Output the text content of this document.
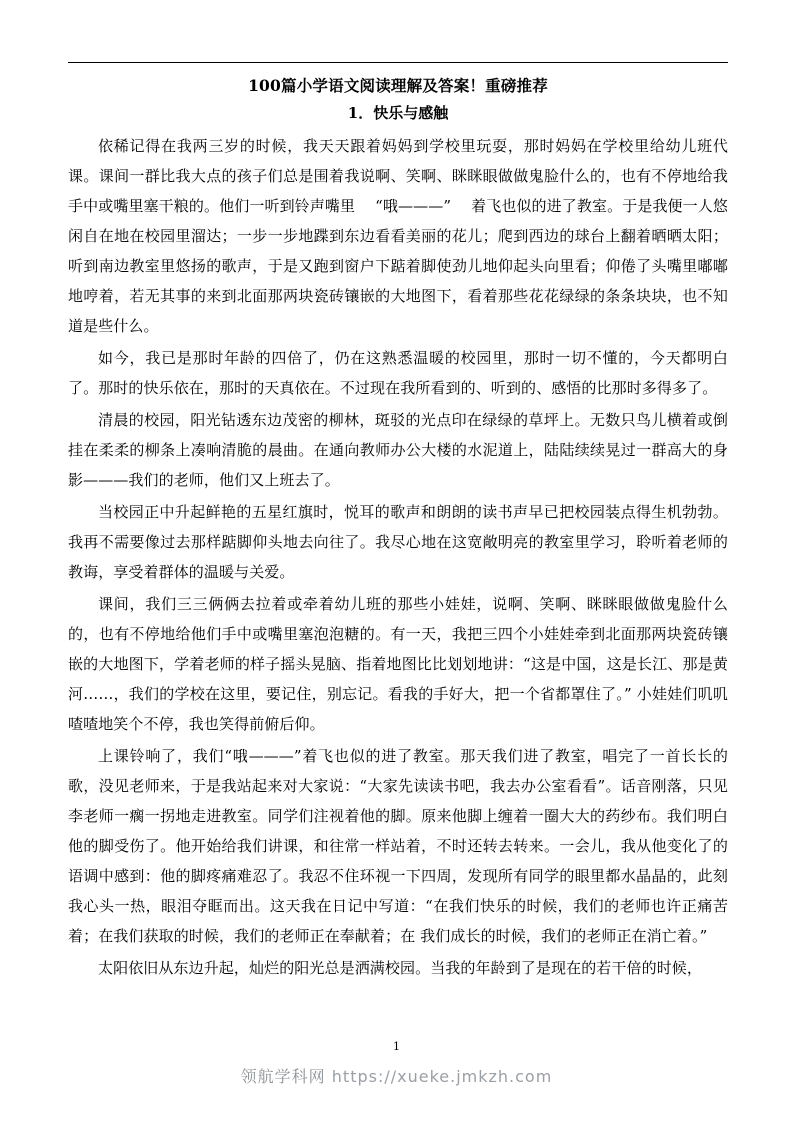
100篇小学语文阅读理解及答案！重磅推荐
1．快乐与感触

依稀记得在我两三岁的时候，我天天跟着妈妈到学校里玩耍，那时妈妈在学校里给幼儿班代课。课间一群比我大点的孩子们总是围着我说啊、笑啊、眯眯眼做做鬼脸什么的，也有不停地给我手中或嘴里塞干粮的。他们一听到铃声嘴里　 “哦———”　 着飞也似的进了教室。于是我便一人悠闲自在地在校园里溜达；一步一步地蹀到东边看看美丽的花儿；爬到西边的球台上翻着晒晒太阳；听到南边教室里悠扬的歌声，于是又跑到窗户下踮着脚使劲儿地仰起头向里看；仰倦了头嘴里嘟嘟地哼着，若无其事的来到北面那两块瓷砖镶嵌的大地图下，看着那些花花绿绿的条条块块，也不知道是些什么。

如今，我已是那时年龄的四倍了，仍在这熟悉温暖的校园里，那时一切不懂的，今天都明白了。那时的快乐依在，那时的天真依在。不过现在我所看到的、听到的、感悟的比那时多得多了。

清晨的校园，阳光钻透东边茂密的柳林，斑驳的光点印在绿绿的草坪上。无数只鸟儿横着或倒挂在柔柔的柳条上凑响清脆的晨曲。在通向教师办公大楼的水泥道上，陆陆续续晃过一群高大的身影———我们的老师，他们又上班去了。

当校园正中升起鲜艳的五星红旗时，悦耳的歌声和朗朗的读书声早已把校园装点得生机勃勃。我再不需要像过去那样踮脚仰头地去向往了。我尽心地在这宽敞明亮的教室里学习，聆听着老师的教诲，享受着群体的温暖与关爱。

课间，我们三三俩俩去拉着或牵着幼儿班的那些小娃娃，说啊、笑啊、眯眯眼做做鬼脸什么的，也有不停地给他们手中或嘴里塞泡泡糖的。有一天，我把三四个小娃娃牵到北面那两块瓷砖镶嵌的大地图下，学着老师的样子摇头晃脑、指着地图比比划划地讲：“这是中国，这是长江、那是黄河……，我们的学校在这里，要记住，别忘记。看我的手好大，把一个省都罩住了。” 小娃娃们叽叽喳喳地笑个不停，我也笑得前俯后仰。

上课铃响了，我们“哦———”着飞也似的进了教室。那天我们进了教室，唱完了一首长长的歌，没见老师来，于是我站起来对大家说：“大家先读读书吧，我去办公室看看”。话音刚落，只见李老师一瘸一拐地走进教室。同学们注视着他的脚。原来他脚上缠着一圈大大的药纱布。我们明白他的脚受伤了。他开始给我们讲课，和往常一样站着，不时还转去转来。一会儿，我从他变化了的语调中感到：他的脚疼痛难忍了。我忍不住环视一下四周，发现所有同学的眼里都水晶晶的，此刻我心头一热，眼泪夺眶而出。这天我在日记中写道：“在我们快乐的时候，我们的老师也许正痛苦着；在我们获取的时候，我们的老师正在奉献着；在 我们成长的时候，我们的老师正在消亡着。”

太阳依旧从东边升起，灿烂的阳光总是洒满校园。当我的年龄到了是现在的若干倍的时候，

1
领航学科网 https://xueke.jmkzh.com
